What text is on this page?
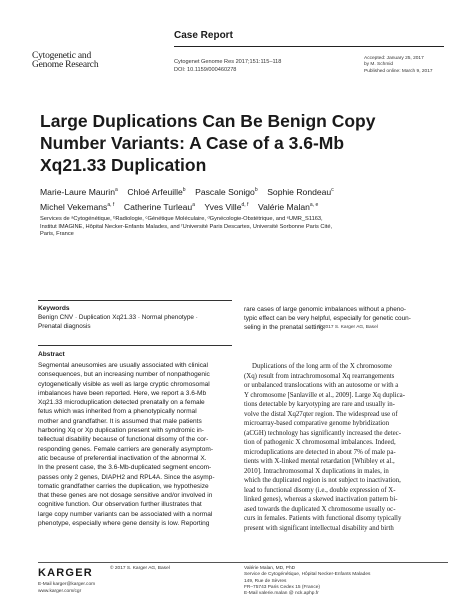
Case Report
Cytogenetic and
Genome Research	Cytogenet Genome Res 2017;151:115–118
DOI: 10.1159/000460278
Accepted: January 25, 2017
by M. Schmid
Published online: March 9, 2017
Large Duplications Can Be Benign Copy
Number Variants: A Case of a 3.6-Mb
Xq21.33 Duplication
Marie-Laure Maurin$^a$ Chloé Arfeuille$^b$ Pascale Sonigo$^b$ Sophie Rondeau$^c$
Michel Vekemans$^{a, f}$ Catherine Turleau$^a$ Yves Ville$^{d, f}$ Valérie Malan$^{a, e}$
Services de ᵃCytogénétique, ᵇRadiologie, ᶜGénétique Moléculaire, ᵈGynécologie-Obstétrique, and ᵉUMR_S1163,
Institut IMAGINE, Hôpital Necker-Enfants Malades, and ᶠUniversité Paris Descartes, Université Sorbonne Paris Cité,
Paris, France
Keywords
Benign CNV · Duplication Xq21.33 · Normal phenotype ·
Prenatal diagnosis
rare cases of large genomic imbalances without a pheno-
typic effect can be very helpful, especially for genetic coun-
seling in the prenatal setting.
© 2017 S. Karger AG, Basel
Abstract
Segmental aneusomies are usually associated with clinical
consequences, but an increasing number of nonpathogenic
cytogenetically visible as well as large cryptic chromosomal
imbalances have been reported. Here, we report a 3.6-Mb
Xq21.33 microduplication detected prenatally on a female
fetus which was inherited from a phenotypically normal
mother and grandfather. It is assumed that male patients
harboring Xq or Xp duplication present with syndromic in-
tellectual disability because of functional disomy of the cor-
responding genes. Female carriers are generally asymptom-
atic because of preferential inactivation of the abnormal X.
In the present case, the 3.6-Mb-duplicated segment encom-
passes only 2 genes, DIAPH2 and RPL4A. Since the asymp-
tomatic grandfather carries the duplication, we hypothesize
that these genes are not dosage sensitive and/or involved in
cognitive function. Our observation further illustrates that
large copy number variants can be associated with a normal
phenotype, especially where gene density is low. Reporting
Duplications of the long arm of the X chromosome
(Xq) result from intrachromosomal Xq rearrangements
or unbalanced translocations with an autosome or with a
Y chromosome [Sanlaville et al., 2009]. Large Xq duplica-
tions detectable by karyotyping are rare and usually in-
volve the distal Xq27qter region. The widespread use of
microarray-based comparative genome hybridization
(aCGH) technology has significantly increased the detec-
tion of pathogenic X chromosomal imbalances. Indeed,
microduplications are detected in about 7% of male pa-
tients with X-linked mental retardation [Whibley et al.,
2010]. Intrachromosomal X duplications in males, in
which the duplicated region is not subject to inactivation,
lead to functional disomy (i.e., double expression of X-
linked genes), whereas a skewed inactivation pattern bi-
ased towards the duplicated X chromosome usually oc-
curs in females. Patients with functional disomy typically
present with significant intellectual disability and birth
KARGER	© 2017 S. Karger AG, Basel
E-Mail karger@karger.com
www.karger.com/cgr
Valérie Malan, MD, PhD
Service de Cytogénétique, Hôpital Necker-Enfants Malades
149, Rue de Sèvres
FR–75743 Paris Cedex 15 (France)
E-Mail valerie.malan @ nck.aphp.fr
